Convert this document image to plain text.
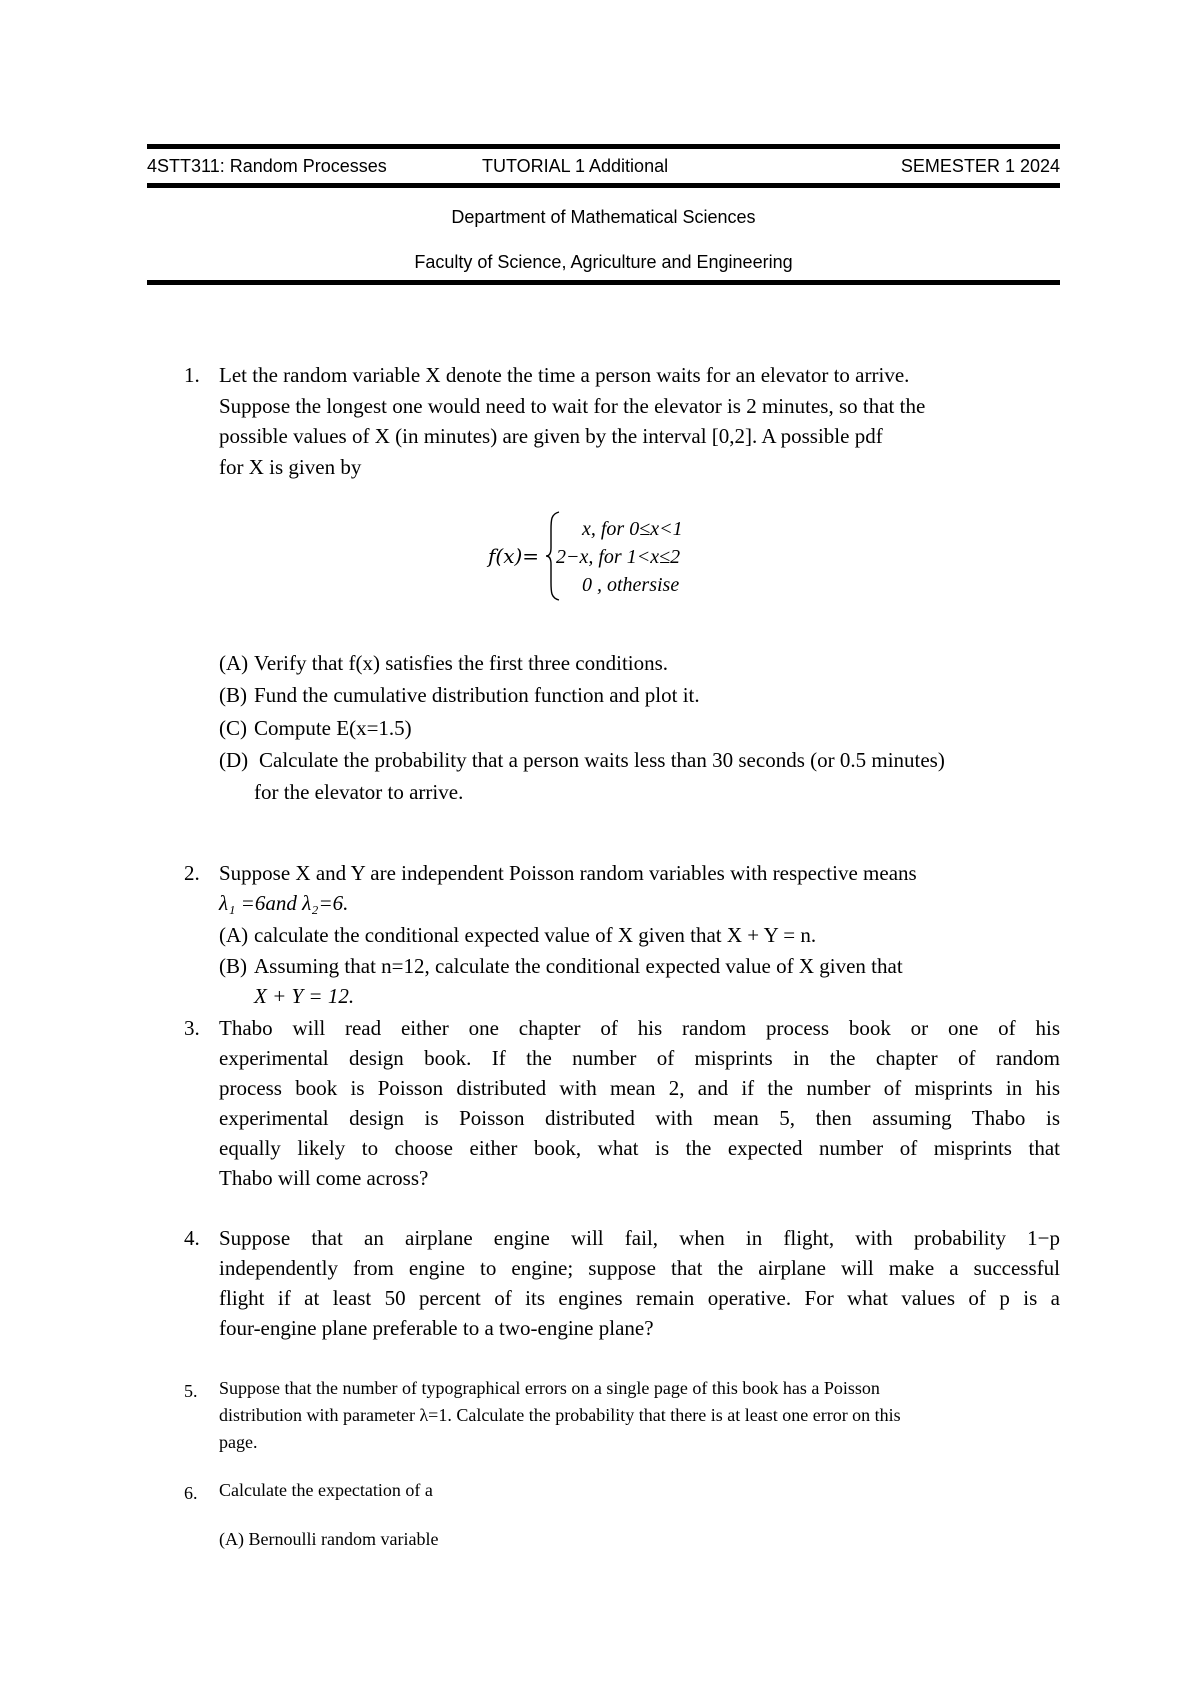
4STT311: Random Processes	TUTORIAL 1 Additional	SEMESTER 1 2024
Department of Mathematical Sciences
Faculty of Science, Agriculture and Engineering
1. Let the random variable X denote the time a person waits for an elevator to arrive.
Suppose the longest one would need to wait for the elevator is 2 minutes, so that the
possible values of X (in minutes) are given by the interval [0,2]. A possible pdf
for X is given by
f(x)=
x, for 0≤x<1
2−x, for 1<x≤2
0 , othersise
(A) Verify that f(x) satisfies the first three conditions.
(B) Fund the cumulative distribution function and plot it.
(C) Compute E(x=1.5)
(D) Calculate the probability that a person waits less than 30 seconds (or 0.5 minutes)
for the elevator to arrive.
2. Suppose X and Y are independent Poisson random variables with respective means
λ₁ =6and λ₂=6.
(A) calculate the conditional expected value of X given that X + Y = n.
(B) Assuming that n=12, calculate the conditional expected value of X given that
X + Y = 12.
3. Thabo will read either one chapter of his random process book or one of his
experimental design book. If the number of misprints in the chapter of random
process book is Poisson distributed with mean 2, and if the number of misprints in his
experimental design is Poisson distributed with mean 5, then assuming Thabo is
equally likely to choose either book, what is the expected number of misprints that
Thabo will come across?
4. Suppose that an airplane engine will fail, when in flight, with probability 1−p
independently from engine to engine; suppose that the airplane will make a successful
flight if at least 50 percent of its engines remain operative. For what values of p is a
four-engine plane preferable to a two-engine plane?
5. Suppose that the number of typographical errors on a single page of this book has a Poisson
distribution with parameter λ=1. Calculate the probability that there is at least one error on this
page.
6. Calculate the expectation of a
(A) Bernoulli random variable
